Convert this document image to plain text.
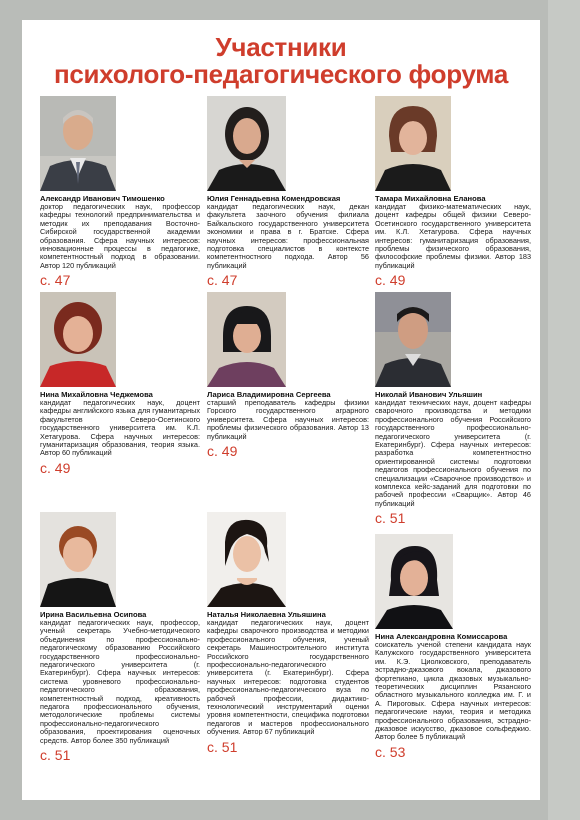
Участники
психолого-педагогического форума
Александр Иванович Тимошенко

доктор педагогических наук, профессор кафедры технологий предпринимательства и методик их преподавания Восточно-Сибирской государственной академии образования. Сфера научных интересов: инновационные процессы в педагогике, компетентностный подход в образовании. Автор 120 публикаций

с. 47
Юлия Геннадьевна Комендровская

кандидат педагогических наук, декан факультета заочного обучения филиала Байкальского государственного университета экономики и права в г. Братске. Сфера научных интересов: профессиональная подготовка специалистов в контексте компетентностного подхода. Автор 56 публикаций

с. 47
Тамара Михайловна Еланова

кандидат физико-математических наук, доцент кафедры общей физики Северо-Осетинского государственного университета им. К.Л. Хетагурова. Сфера научных интересов: гуманитаризация образования, проблемы физического образования, философские проблемы физики. Автор 183 публикаций

с. 49
Нина Михайловна Чеджемова

кандидат педагогических наук, доцент кафедры английского языка для гуманитарных факультетов Северо-Осетинского государственного университета им. К.Л. Хетагурова. Сфера научных интересов: гуманитаризация образования, теория языка. Автор 60 публикаций

с. 49
Лариса Владимировна Сергеева

старший преподаватель кафедры физики Горского государственного аграрного университета. Сфера научных интересов: проблемы физического образования. Автор 13 публикаций

с. 49
Николай Иванович Ульяшин

кандидат технических наук, доцент кафедры сварочного производства и методики профессионального обучения Российского государственного профессионально-педагогического университета (г. Екатеринбург). Сфера научных интересов: разработка компетентностно ориентированной системы подготовки педагогов профессионального обучения по специализации «Сварочное производство» и комплекса кейс-заданий для подготовки по рабочей профессии «Сварщик». Автор 46 публикаций

с. 51
Ирина Васильевна Осипова

кандидат педагогических наук, профессор, ученый секретарь Учебно-методического объединения по профессионально-педагогическому образованию Российского государственного профессионально-педагогического университета (г. Екатеринбург). Сфера научных интересов: система уровневого профессионально-педагогического образования, компетентностный подход, креативность педагога профессионального обучения, методологические проблемы системы профессионально-педагогического образования, проектирования оценочных средств. Автор более 350 публикаций

с. 51
Наталья Николаевна Ульяшина

кандидат педагогических наук, доцент кафедры сварочного производства и методики профессионального обучения, ученый секретарь Машиностроительного института Российского государственного профессионально-педагогического университета (г. Екатеринбург). Сфера научных интересов: подготовка студентов профессионально-педагогического вуза по рабочей профессии, дидактико-технологический инструментарий оценки уровня компетентности, специфика подготовки педагогов и мастеров профессионального обучения. Автор 67 публикаций

с. 51
Нина Александровна Комиссарова

соискатель ученой степени кандидата наук Калужского государственного университета им. К.Э. Циолковского, преподаватель эстрадно-джазового вокала, джазового фортепиано, цикла джазовых музыкально-теоретических дисциплин Рязанского областного музыкального колледжа им. Г. и А. Пироговых. Сфера научных интересов: педагогические науки, теория и методика профессионального образования, эстрадно-джазовое искусство, джазовое сольфеджио. Автор более 5 публикаций

с. 53
